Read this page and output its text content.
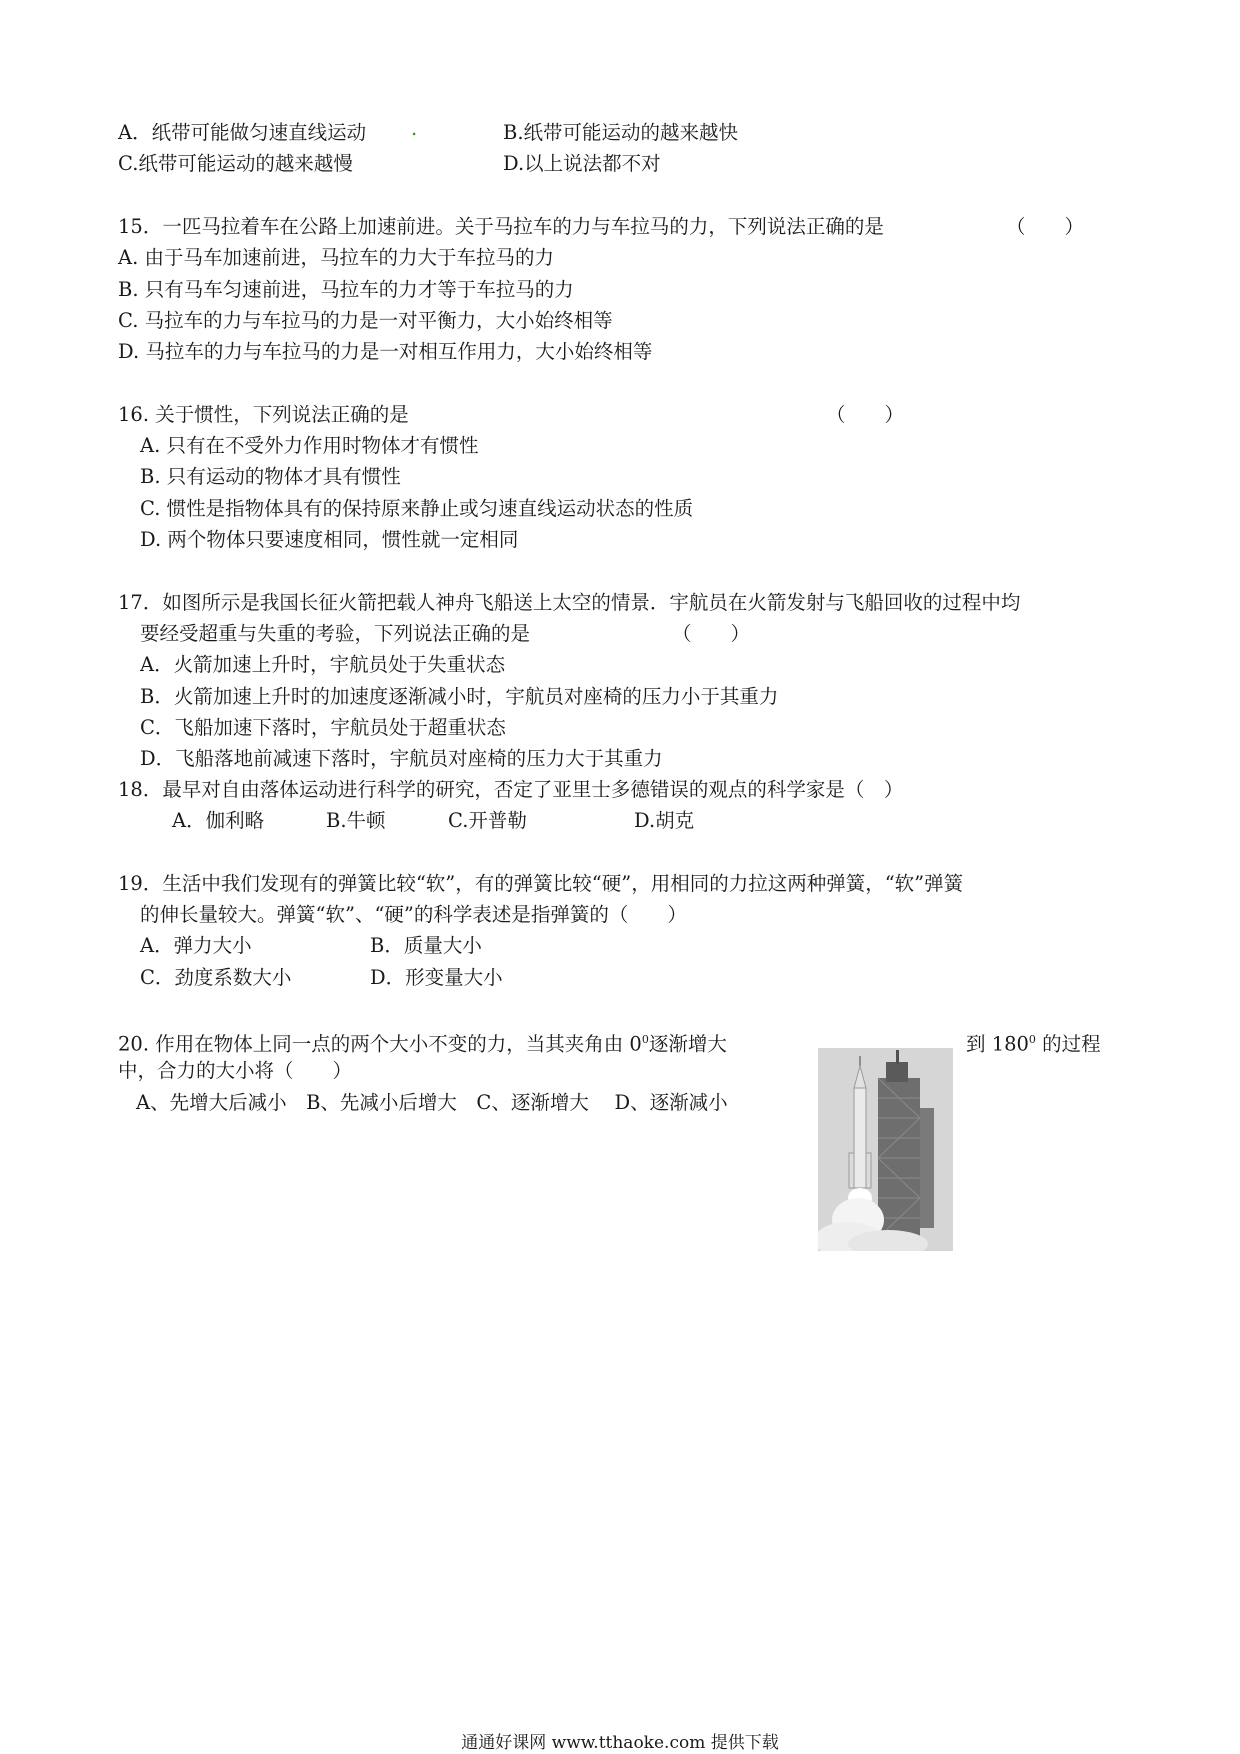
A．纸带可能做匀速直线运动 .	B.纸带可能运动的越来越快
C.纸带可能运动的越来越慢	D.以上说法都不对
15．一匹马拉着车在公路上加速前进。关于马拉车的力与车拉马的力，下列说法正确的是	（　　）
A. 由于马车加速前进，马拉车的力大于车拉马的力
B. 只有马车匀速前进，马拉车的力才等于车拉马的力
C. 马拉车的力与车拉马的力是一对平衡力，大小始终相等
D. 马拉车的力与车拉马的力是一对相互作用力，大小始终相等
16. 关于惯性，下列说法正确的是	（　　）
A. 只有在不受外力作用时物体才有惯性
B. 只有运动的物体才具有惯性
C. 惯性是指物体具有的保持原来静止或匀速直线运动状态的性质
D. 两个物体只要速度相同，惯性就一定相同
17．如图所示是我国长征火箭把载人神舟飞船送上太空的情景．宇航员在火箭发射与飞船回收的过程中均
要经受超重与失重的考验，下列说法正确的是	（　　）
A．火箭加速上升时，宇航员处于失重状态
B．火箭加速上升时的加速度逐渐减小时，宇航员对座椅的压力小于其重力
C．飞船加速下落时，宇航员处于超重状态
D．飞船落地前减速下落时，宇航员对座椅的压力大于其重力
18．最早对自由落体运动进行科学的研究，否定了亚里士多德错误的观点的科学家是（　）
A．伽利略	B.牛顿	C.开普勒	D.胡克
19．生活中我们发现有的弹簧比较“软”，有的弹簧比较“硬”，用相同的力拉这两种弹簧，“软”弹簧
的伸长量较大。弹簧“软”、“硬”的科学表述是指弹簧的（　　）
A．弹力大小	B．质量大小
C．劲度系数大小	D．形变量大小
20. 作用在物体上同一点的两个大小不变的力，当其夹角由 $0^0$逐渐增大	到 $180^0$ 的过程
中，合力的大小将（　　）
A、先增大后减小　B、先减小后增大　C、逐渐增大　 D、逐渐减小
通通好课网 www.tthaoke.com 提供下载
